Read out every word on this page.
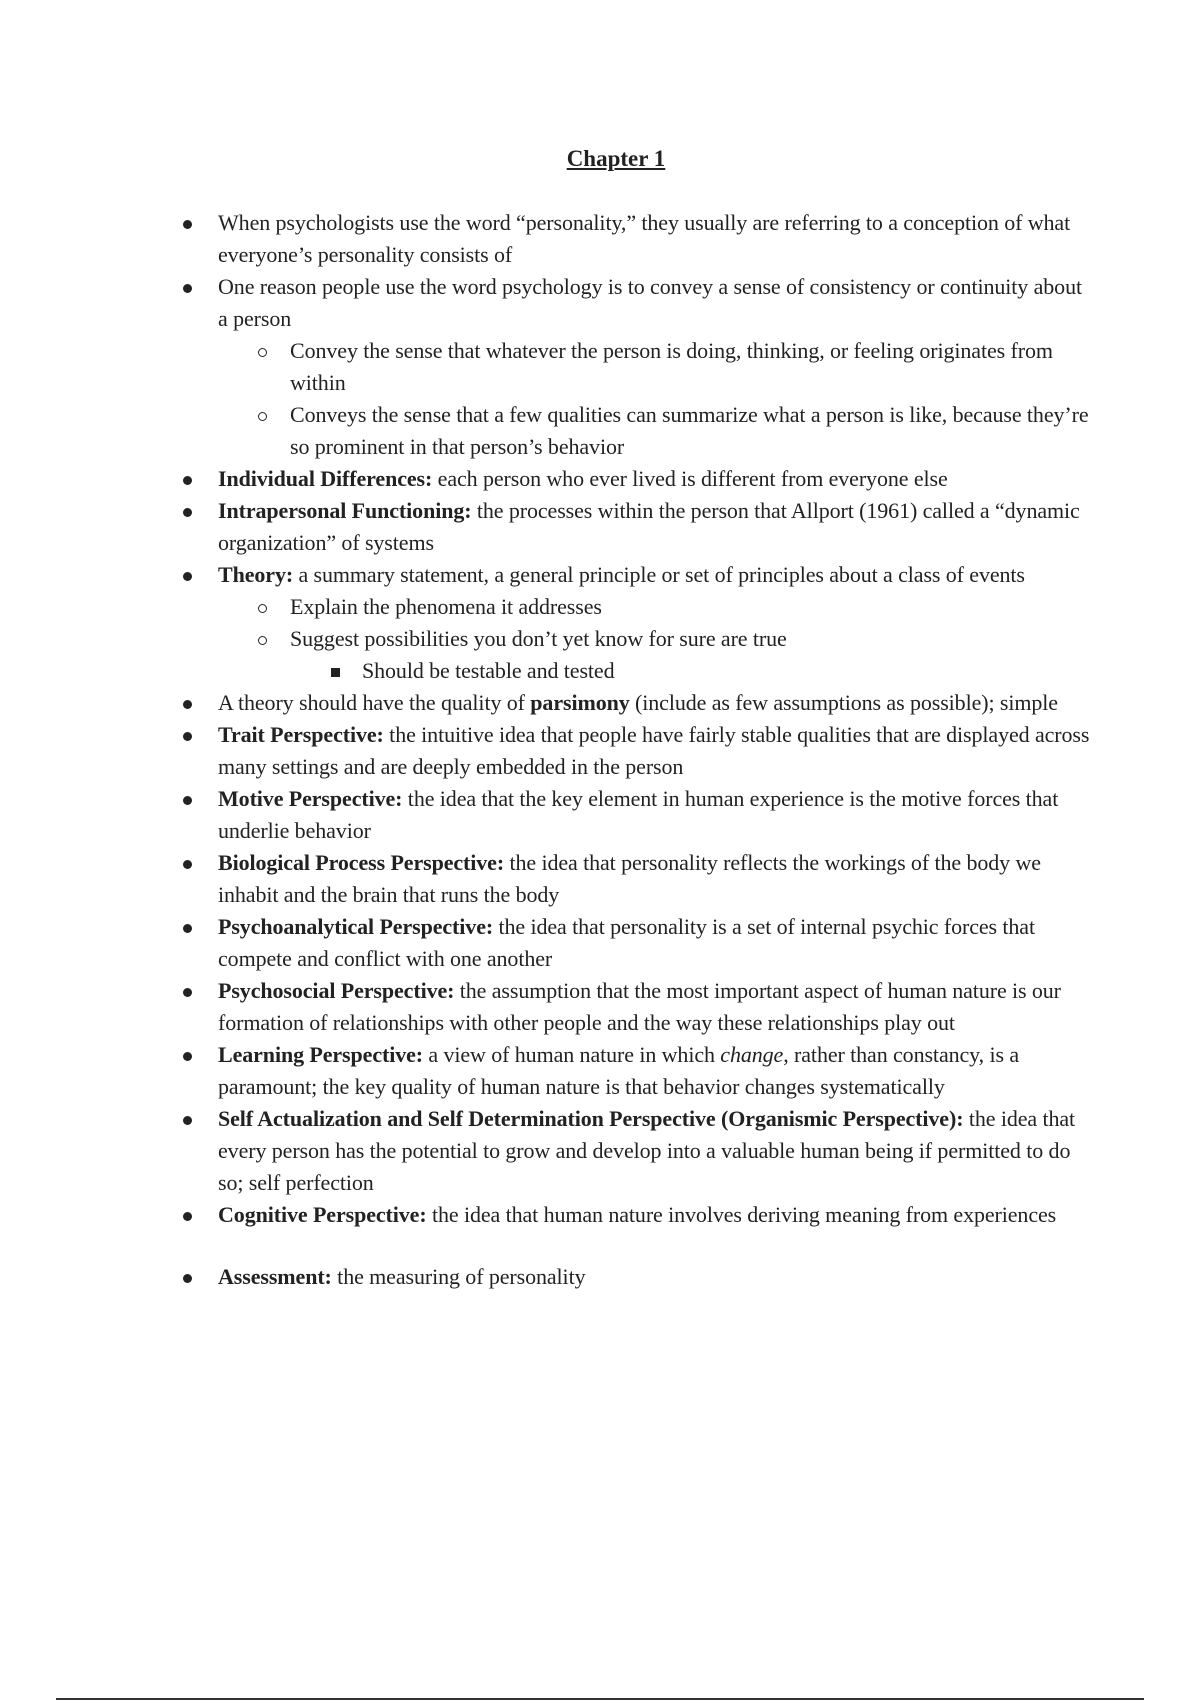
Chapter 1
When psychologists use the word “personality,” they usually are referring to a conception of what everyone’s personality consists of
One reason people use the word psychology is to convey a sense of consistency or continuity about a person
Convey the sense that whatever the person is doing, thinking, or feeling originates from within
Conveys the sense that a few qualities can summarize what a person is like, because they’re so prominent in that person’s behavior
Individual Differences: each person who ever lived is different from everyone else
Intrapersonal Functioning: the processes within the person that Allport (1961) called a “dynamic organization” of systems
Theory: a summary statement, a general principle or set of principles about a class of events
Explain the phenomena it addresses
Suggest possibilities you don’t yet know for sure are true
Should be testable and tested
A theory should have the quality of parsimony (include as few assumptions as possible); simple
Trait Perspective: the intuitive idea that people have fairly stable qualities that are displayed across many settings and are deeply embedded in the person
Motive Perspective: the idea that the key element in human experience is the motive forces that underlie behavior
Biological Process Perspective: the idea that personality reflects the workings of the body we inhabit and the brain that runs the body
Psychoanalytical Perspective: the idea that personality is a set of internal psychic forces that compete and conflict with one another
Psychosocial Perspective: the assumption that the most important aspect of human nature is our formation of relationships with other people and the way these relationships play out
Learning Perspective: a view of human nature in which change, rather than constancy, is a paramount; the key quality of human nature is that behavior changes systematically
Self Actualization and Self Determination Perspective (Organismic Perspective): the idea that every person has the potential to grow and develop into a valuable human being if permitted to do so; self perfection
Cognitive Perspective: the idea that human nature involves deriving meaning from experiences
Assessment: the measuring of personality
